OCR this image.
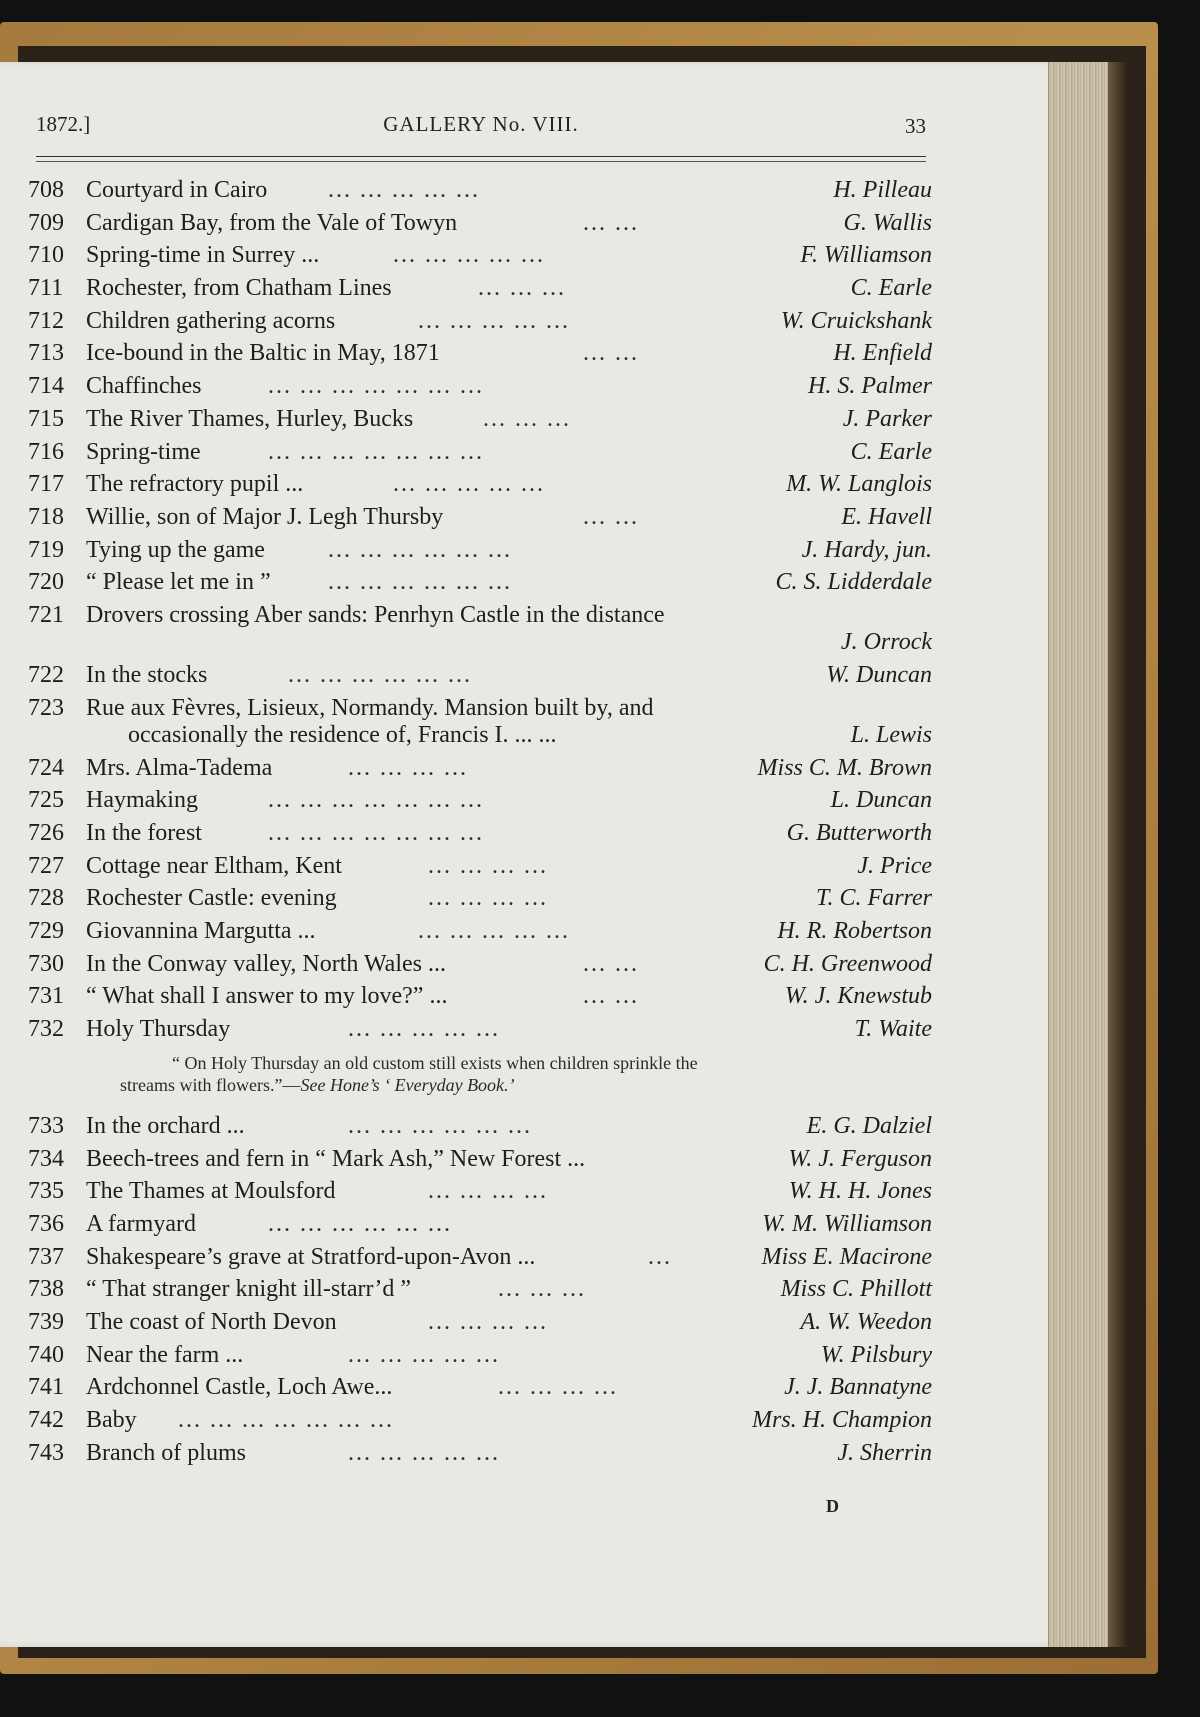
1872.]	GALLERY No. VIII.	33
708 Courtyard in Cairo	... ... ... ... ...	H. Pilleau
709 Cardigan Bay, from the Vale of Towyn	... ...	G. Wallis
710 Spring-time in Surrey ...	... ... ... ... ...	F. Williamson
711 Rochester, from Chatham Lines	... ... ...	C. Earle
712 Children gathering acorns	... ... ... ... ...	W. Cruickshank
713 Ice-bound in the Baltic in May, 1871	... ...	H. Enfield
714 Chaffinches	... ... ... ... ... ... ...	H. S. Palmer
715 The River Thames, Hurley, Bucks	... ... ...	J. Parker
716 Spring-time	... ... ... ... ... ... ...	C. Earle
717 The refractory pupil ...	... ... ... ... ...	M. W. Langlois
718 Willie, son of Major J. Legh Thursby	... ...	E. Havell
719 Tying up the game	... ... ... ... ... ...	J. Hardy, jun.
720 “ Please let me in ” ... ... ... ... ... ...	C. S. Lidderdale
721 Drovers crossing Aber sands: Penrhyn Castle in the distance
J. Orrock
722 In the stocks	... ... ... ... ... ...	W. Duncan
723 Rue aux Fèvres, Lisieux, Normandy. Mansion built by, and
occasionally the residence of, Francis I. ... ...	L. Lewis
724 Mrs. Alma-Tadema	... ... ... ...	Miss C. M. Brown
725 Haymaking	... ... ... ... ... ... ...	L. Duncan
726 In the forest	... ... ... ... ... ... ...	G. Butterworth
727 Cottage near Eltham, Kent	... ... ... ...	J. Price
728 Rochester Castle: evening	... ... ... ...	T. C. Farrer
729 Giovannina Margutta ...	... ... ... ... ...	H. R. Robertson
730 In the Conway valley, North Wales ...	... ...	C. H. Greenwood
731 “ What shall I answer to my love?” ...	... ...	W. J. Knewstub
732 Holy Thursday	... ... ... ... ...	T. Waite
“ On Holy Thursday an old custom still exists when children sprinkle the
streams with flowers.”—See Hone’s ‘ Everyday Book.’
733 In the orchard ...	... ... ... ... ... ...	E. G. Dalziel
734 Beech-trees and fern in “ Mark Ash,” New Forest ...	W. J. Ferguson
735 The Thames at Moulsford	... ... ... ...	W. H. H. Jones
736 A farmyard	... ... ... ... ... ...	W. M. Williamson
737 Shakespeare’s grave at Stratford-upon-Avon ...	...	Miss E. Macirone
738 “ That stranger knight ill-starr’d ”	... ... ...	Miss C. Phillott
739 The coast of North Devon	... ... ... ...	A. W. Weedon
740 Near the farm ...	... ... ... ... ...	W. Pilsbury
741 Ardchonnel Castle, Loch Awe...	... ... ... ...	J. J. Bannatyne
742 Baby ... ... ... ... ... ... ...	Mrs. H. Champion
743 Branch of plums	... ... ... ... ...	J. Sherrin
D
